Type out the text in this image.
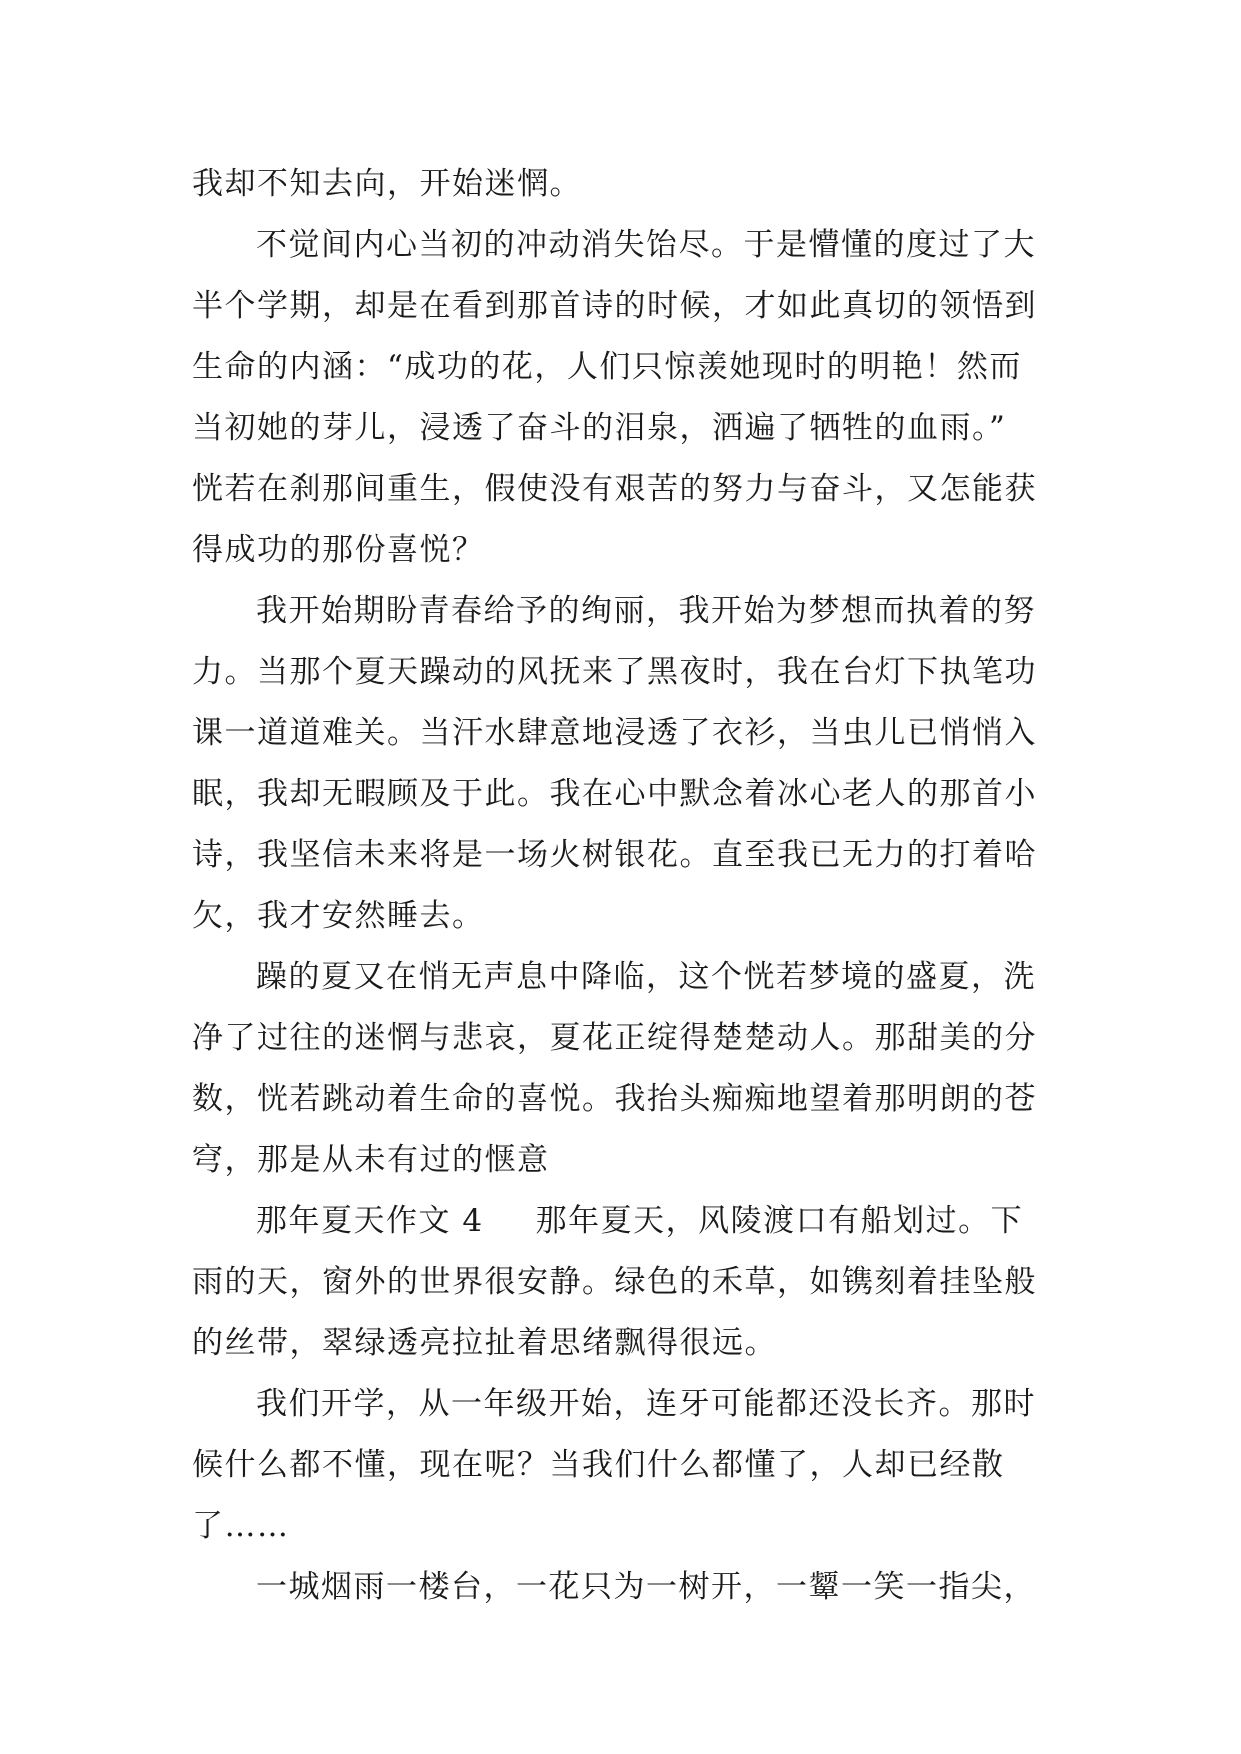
我却不知去向，开始迷惘。
不觉间内心当初的冲动消失饴尽。于是懵懂的度过了大
半个学期，却是在看到那首诗的时候，才如此真切的领悟到
生命的内涵：“成功的花，人们只惊羡她现时的明艳！然而
当初她的芽儿，浸透了奋斗的泪泉，洒遍了牺牲的血雨。”
恍若在刹那间重生，假使没有艰苦的努力与奋斗，又怎能获
得成功的那份喜悦？
我开始期盼青春给予的绚丽，我开始为梦想而执着的努
力。当那个夏天躁动的风抚来了黑夜时，我在台灯下执笔功
课一道道难关。当汗水肆意地浸透了衣衫，当虫儿已悄悄入
眠，我却无暇顾及于此。我在心中默念着冰心老人的那首小
诗，我坚信未来将是一场火树银花。直至我已无力的打着哈
欠，我才安然睡去。
躁的夏又在悄无声息中降临，这个恍若梦境的盛夏，洗
净了过往的迷惘与悲哀，夏花正绽得楚楚动人。那甜美的分
数，恍若跳动着生命的喜悦。我抬头痴痴地望着那明朗的苍
穹，那是从未有过的惬意
那年夏天作文 4 那年夏天，风陵渡口有船划过。下
雨的天，窗外的世界很安静。绿色的禾草，如镌刻着挂坠般
的丝带，翠绿透亮拉扯着思绪飘得很远。
我们开学，从一年级开始，连牙可能都还没长齐。那时
候什么都不懂，现在呢？当我们什么都懂了，人却已经散
了……
一城烟雨一楼台，一花只为一树开，一颦一笑一指尖，
